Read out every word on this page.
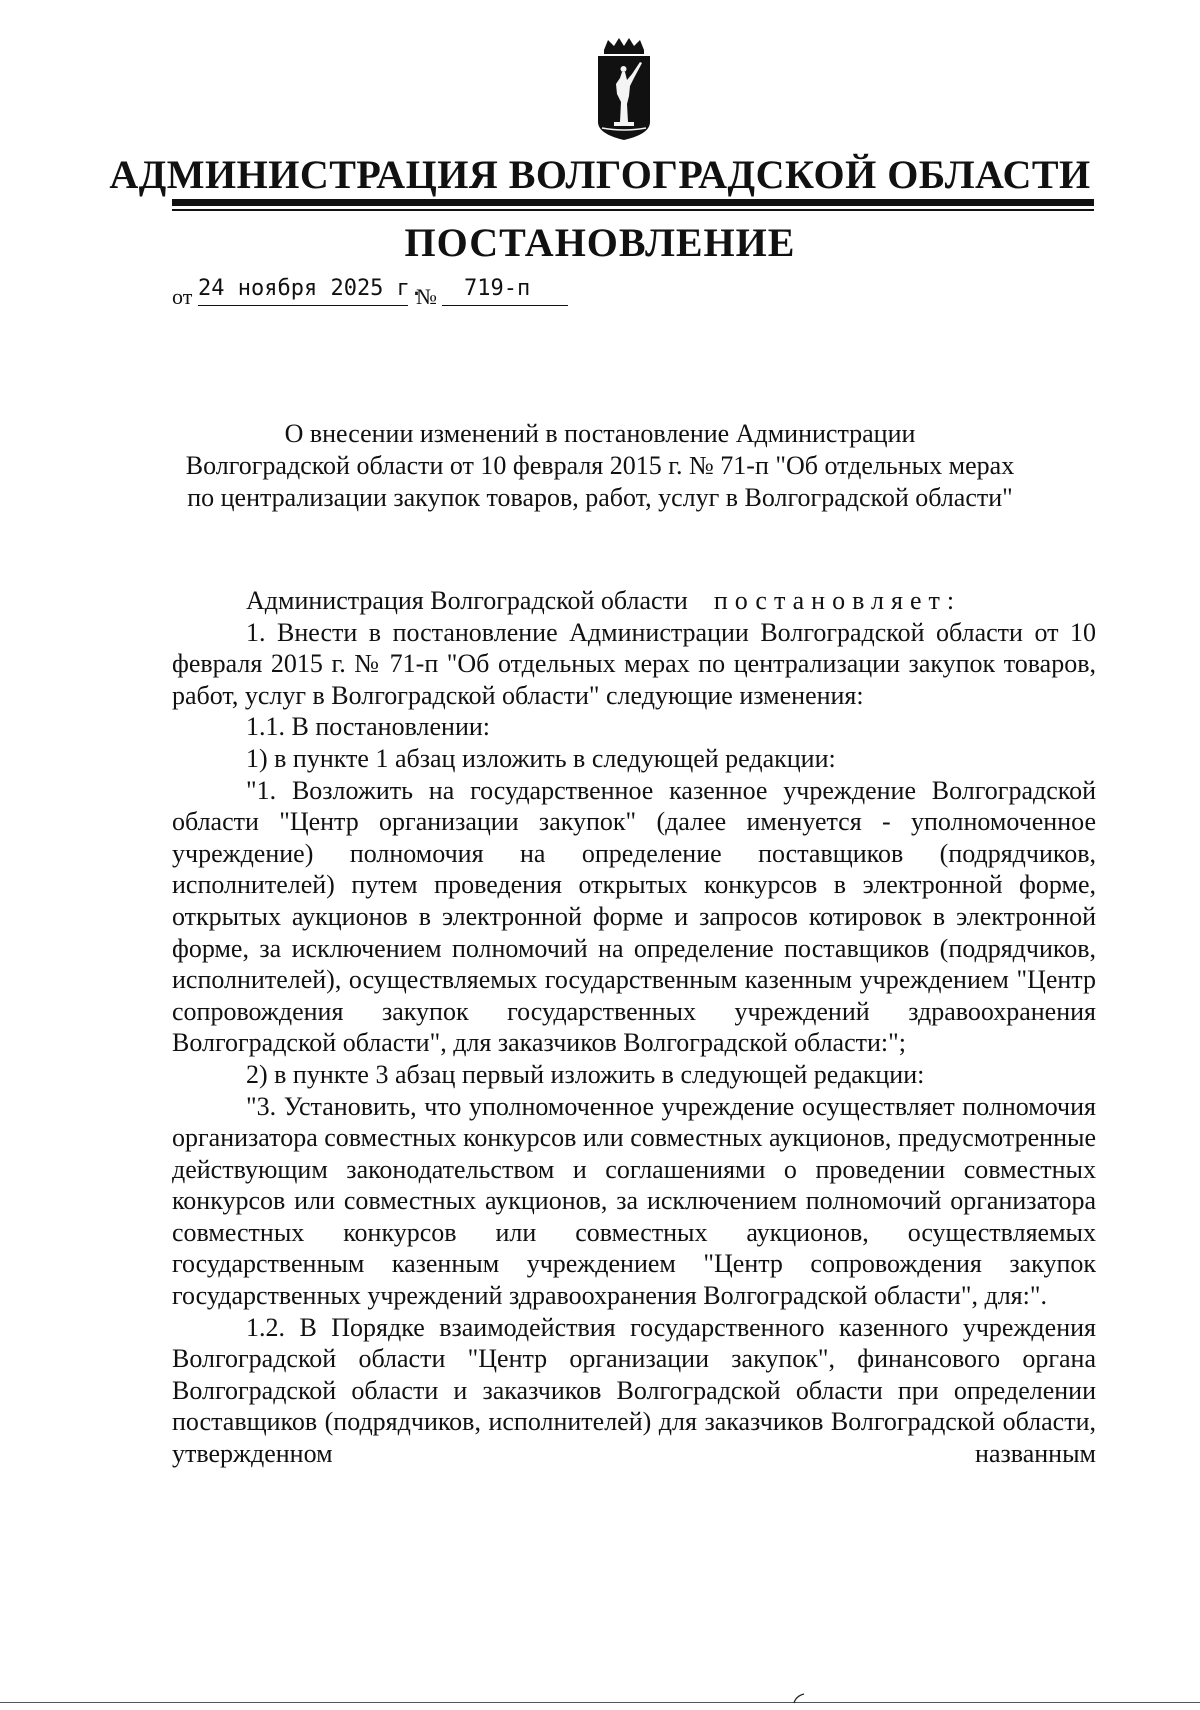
АДМИНИСТРАЦИЯ ВОЛГОГРАДСКОЙ ОБЛАСТИ
ПОСТАНОВЛЕНИЕ
от 24 ноября 2025 г.
№ 719-п
О внесении изменений в постановление Администрации
Волгоградской области от 10 февраля 2015 г. № 71-п "Об отдельных мерах
по централизации закупок товаров, работ, услуг в Волгоградской области"

Администрация Волгоградской области постановляет:

1. Внести в постановление Администрации Волгоградской области от 10 февраля 2015 г. № 71-п "Об отдельных мерах по централизации закупок товаров, работ, услуг в Волгоградской области" следующие изменения:

1.1. В постановлении:

1) в пункте 1 абзац изложить в следующей редакции:

"1. Возложить на государственное казенное учреждение Волгоградской области "Центр организации закупок" (далее именуется - уполномоченное учреждение) полномочия на определение поставщиков (подрядчиков, исполнителей) путем проведения открытых конкурсов в электронной форме, открытых аукционов в электронной форме и запросов котировок в электронной форме, за исключением полномочий на определение поставщиков (подрядчиков, исполнителей), осуществляемых государственным казенным учреждением "Центр сопровождения закупок государственных учреждений здравоохранения Волгоградской области", для заказчиков Волгоградской области:";

2) в пункте 3 абзац первый изложить в следующей редакции:

"3. Установить, что уполномоченное учреждение осуществляет полномочия организатора совместных конкурсов или совместных аукционов, предусмотренные действующим законодательством и соглашениями о проведении совместных конкурсов или совместных аукционов, за исключением полномочий организатора совместных конкурсов или совместных аукционов, осуществляемых государственным казенным учреждением "Центр сопровождения закупок государственных учреждений здравоохранения Волгоградской области", для:".

1.2. В Порядке взаимодействия государственного казенного учреждения Волгоградской области "Центр организации закупок", финансового органа Волгоградской области и заказчиков Волгоградской области при определении поставщиков (подрядчиков, исполнителей) для заказчиков Волгоградской области, утвержденном названным
